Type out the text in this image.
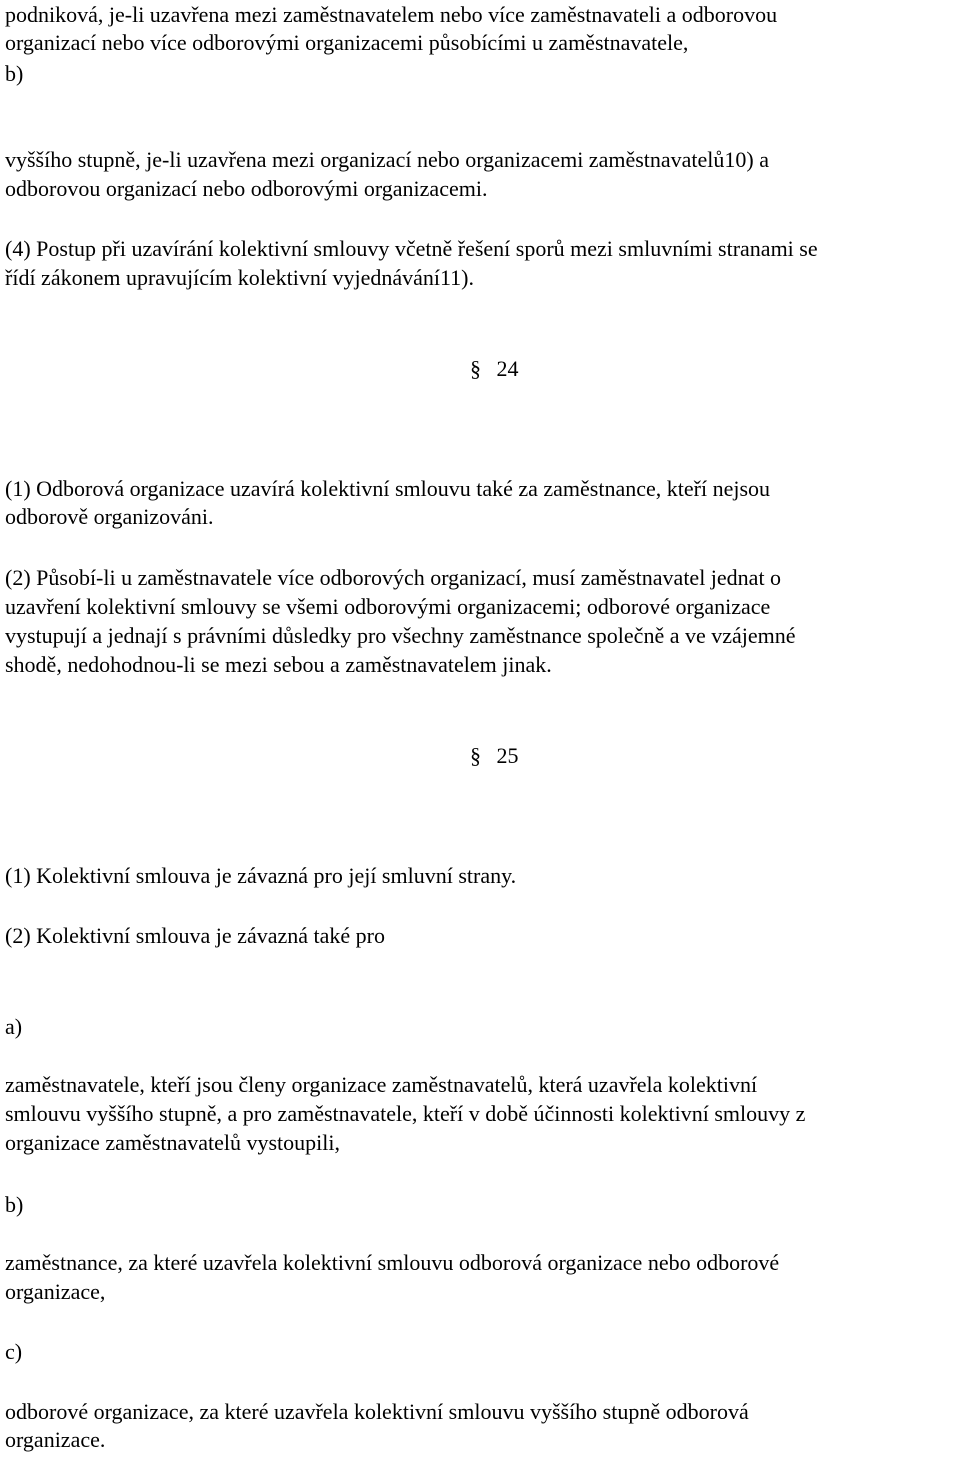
podniková, je-li uzavřena mezi zaměstnavatelem nebo více zaměstnavateli a odborovou
organizací nebo více odborovými organizacemi působícími u zaměstnavatele,
b)
vyššího stupně, je-li uzavřena mezi organizací nebo organizacemi zaměstnavatelů10) a
odborovou organizací nebo odborovými organizacemi.
(4) Postup při uzavírání kolektivní smlouvy včetně řešení sporů mezi smluvními stranami se
řídí zákonem upravujícím kolektivní vyjednávání11).
§ 24
(1) Odborová organizace uzavírá kolektivní smlouvu také za zaměstnance, kteří nejsou
odborově organizováni.
(2) Působí-li u zaměstnavatele více odborových organizací, musí zaměstnavatel jednat o
uzavření kolektivní smlouvy se všemi odborovými organizacemi; odborové organizace
vystupují a jednají s právními důsledky pro všechny zaměstnance společně a ve vzájemné
shodě, nedohodnou-li se mezi sebou a zaměstnavatelem jinak.
§ 25
(1) Kolektivní smlouva je závazná pro její smluvní strany.
(2) Kolektivní smlouva je závazná také pro
a)
zaměstnavatele, kteří jsou členy organizace zaměstnavatelů, která uzavřela kolektivní
smlouvu vyššího stupně, a pro zaměstnavatele, kteří v době účinnosti kolektivní smlouvy z
organizace zaměstnavatelů vystoupili,
b)
zaměstnance, za které uzavřela kolektivní smlouvu odborová organizace nebo odborové
organizace,
c)
odborové organizace, za které uzavřela kolektivní smlouvu vyššího stupně odborová
organizace.
